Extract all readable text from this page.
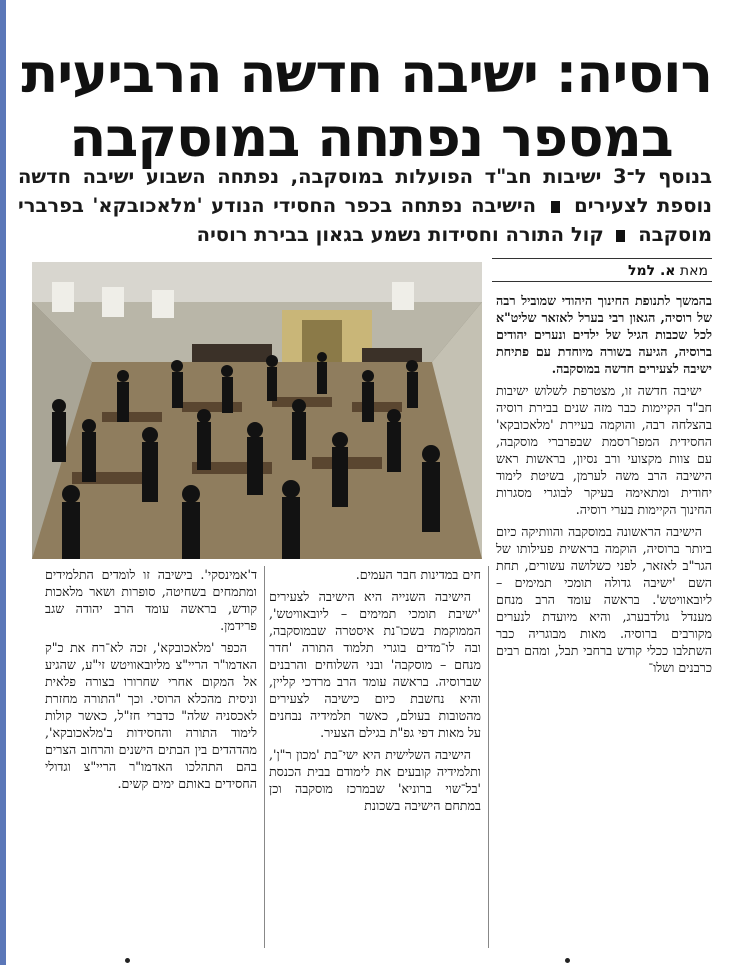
רוסיה: ישיבה חדשה הרביעית
במספר נפתחה במוסקבה
בנוסף ל־3 ישיבות חב"ד הפועלות במוסקבה, נפתחה השבוע ישיבה חדשה נוספת לצעירים  הישיבה נפתחה בכפר החסידי הנודע 'מלאכובקא' בפרברי מוסקבה  קול התורה וחסידות נשמע בגאון בבירת רוסיה
מאת א. למל

בהמשך לתנופת החינוך היהודי שמוביל רבה של רוסיה, הגאון רבי בערל לאזאר שליט"א לכל שכבות הגיל של ילדים ונערים יהודים ברוסיה, הגיעה בשורה מיוחדת עם פתיחת ישיבה לצעירים חדשה במוסקבה.

ישיבה חדשה זו, מצטרפת לשלוש ישיבות חב"ד הקיימות כבר מזה שנים בבירת רוסיה בהצלחה רבה, והוקמה בעיירת 'מלאכובקא' החסידית המפו־רסמת שבפרברי מוסקבה, עם צוות מקצועי ורב נסיון, בראשות ראש הישיבה הרב משה לערמן, בשיטת לימוד יחודית ומתאימה בעיקר לבוגרי מסגרות החינוך הקיימות בערי רוסיה.

הישיבה הראשונה במוסקבה והוותיקה כיום ביותר ברוסיה, הוקמה בראשית פעילותו של הגר"ב לאזאר, לפני כשלושה עשורים, תחת השם 'ישיבה גדולה תומכי תמימים – ליובאוויטש'. בראשה עומד הרב מנחם מענדל גולדבערג, והיא מיועדת לנערים מקורבים ברוסיה. מאות מבוגריה כבר השתלבו ככלי קודש ברחבי תבל, ומהם רבים כרבנים ושלו־

חים במדינות חבר העמים.

הישיבה השנייה היא הישיבה לצעירים 'ישיבת תומכי תמימים – ליובאוויטש', הממוקמת בשכו־נת איסטרה שבמוסקבה, ובה לו־מדים בוגרי תלמוד התורה 'חדר מנחם – מוסקבה' ובני השלוחים והרבנים שברוסיה. בראשה עומד הרב מרדכי קליין, והיא נחשבת כיום כישיבה לצעירים מהטובות בעולם, כאשר תלמידיה נבחנים על מאות דפי גפ"ת בגילם הצעיר.

הישיבה השלישית היא ישי־בת 'מכון ר"ן', ותלמידיה קובעים את לימודם בבית הכנסת 'בל־שוי ברוניא' שבמרכז מוסקבה וכן במתחם הישיבה בשכונת

ד'אמינסקי'. בישיבה זו לומדים התלמידים ומתמחים בשחיטה, סופרות ושאר מלאכות קודש, בראשה עומד הרב יהודה שגב פרידמן.

הכפר 'מלאכובקא', זכה לא־רח את כ"ק האדמו"ר הריי"צ מליובאוויטש זי"ע, שהגיע אל המקום אחרי שחרורו בצורה פלאית וניסית מהכלא הרוסי. וכך "התורה מחזרת לאכסניה שלה" כדברי חז"ל, כאשר קולות לימוד התורה והחסידות ב'מלאכובקא', מהדהדים בין הבתים הישנים והרחוב הצרים בהם התהלכו האדמו"ר הריי"צ וגדולי החסידים באותם ימים קשים.
